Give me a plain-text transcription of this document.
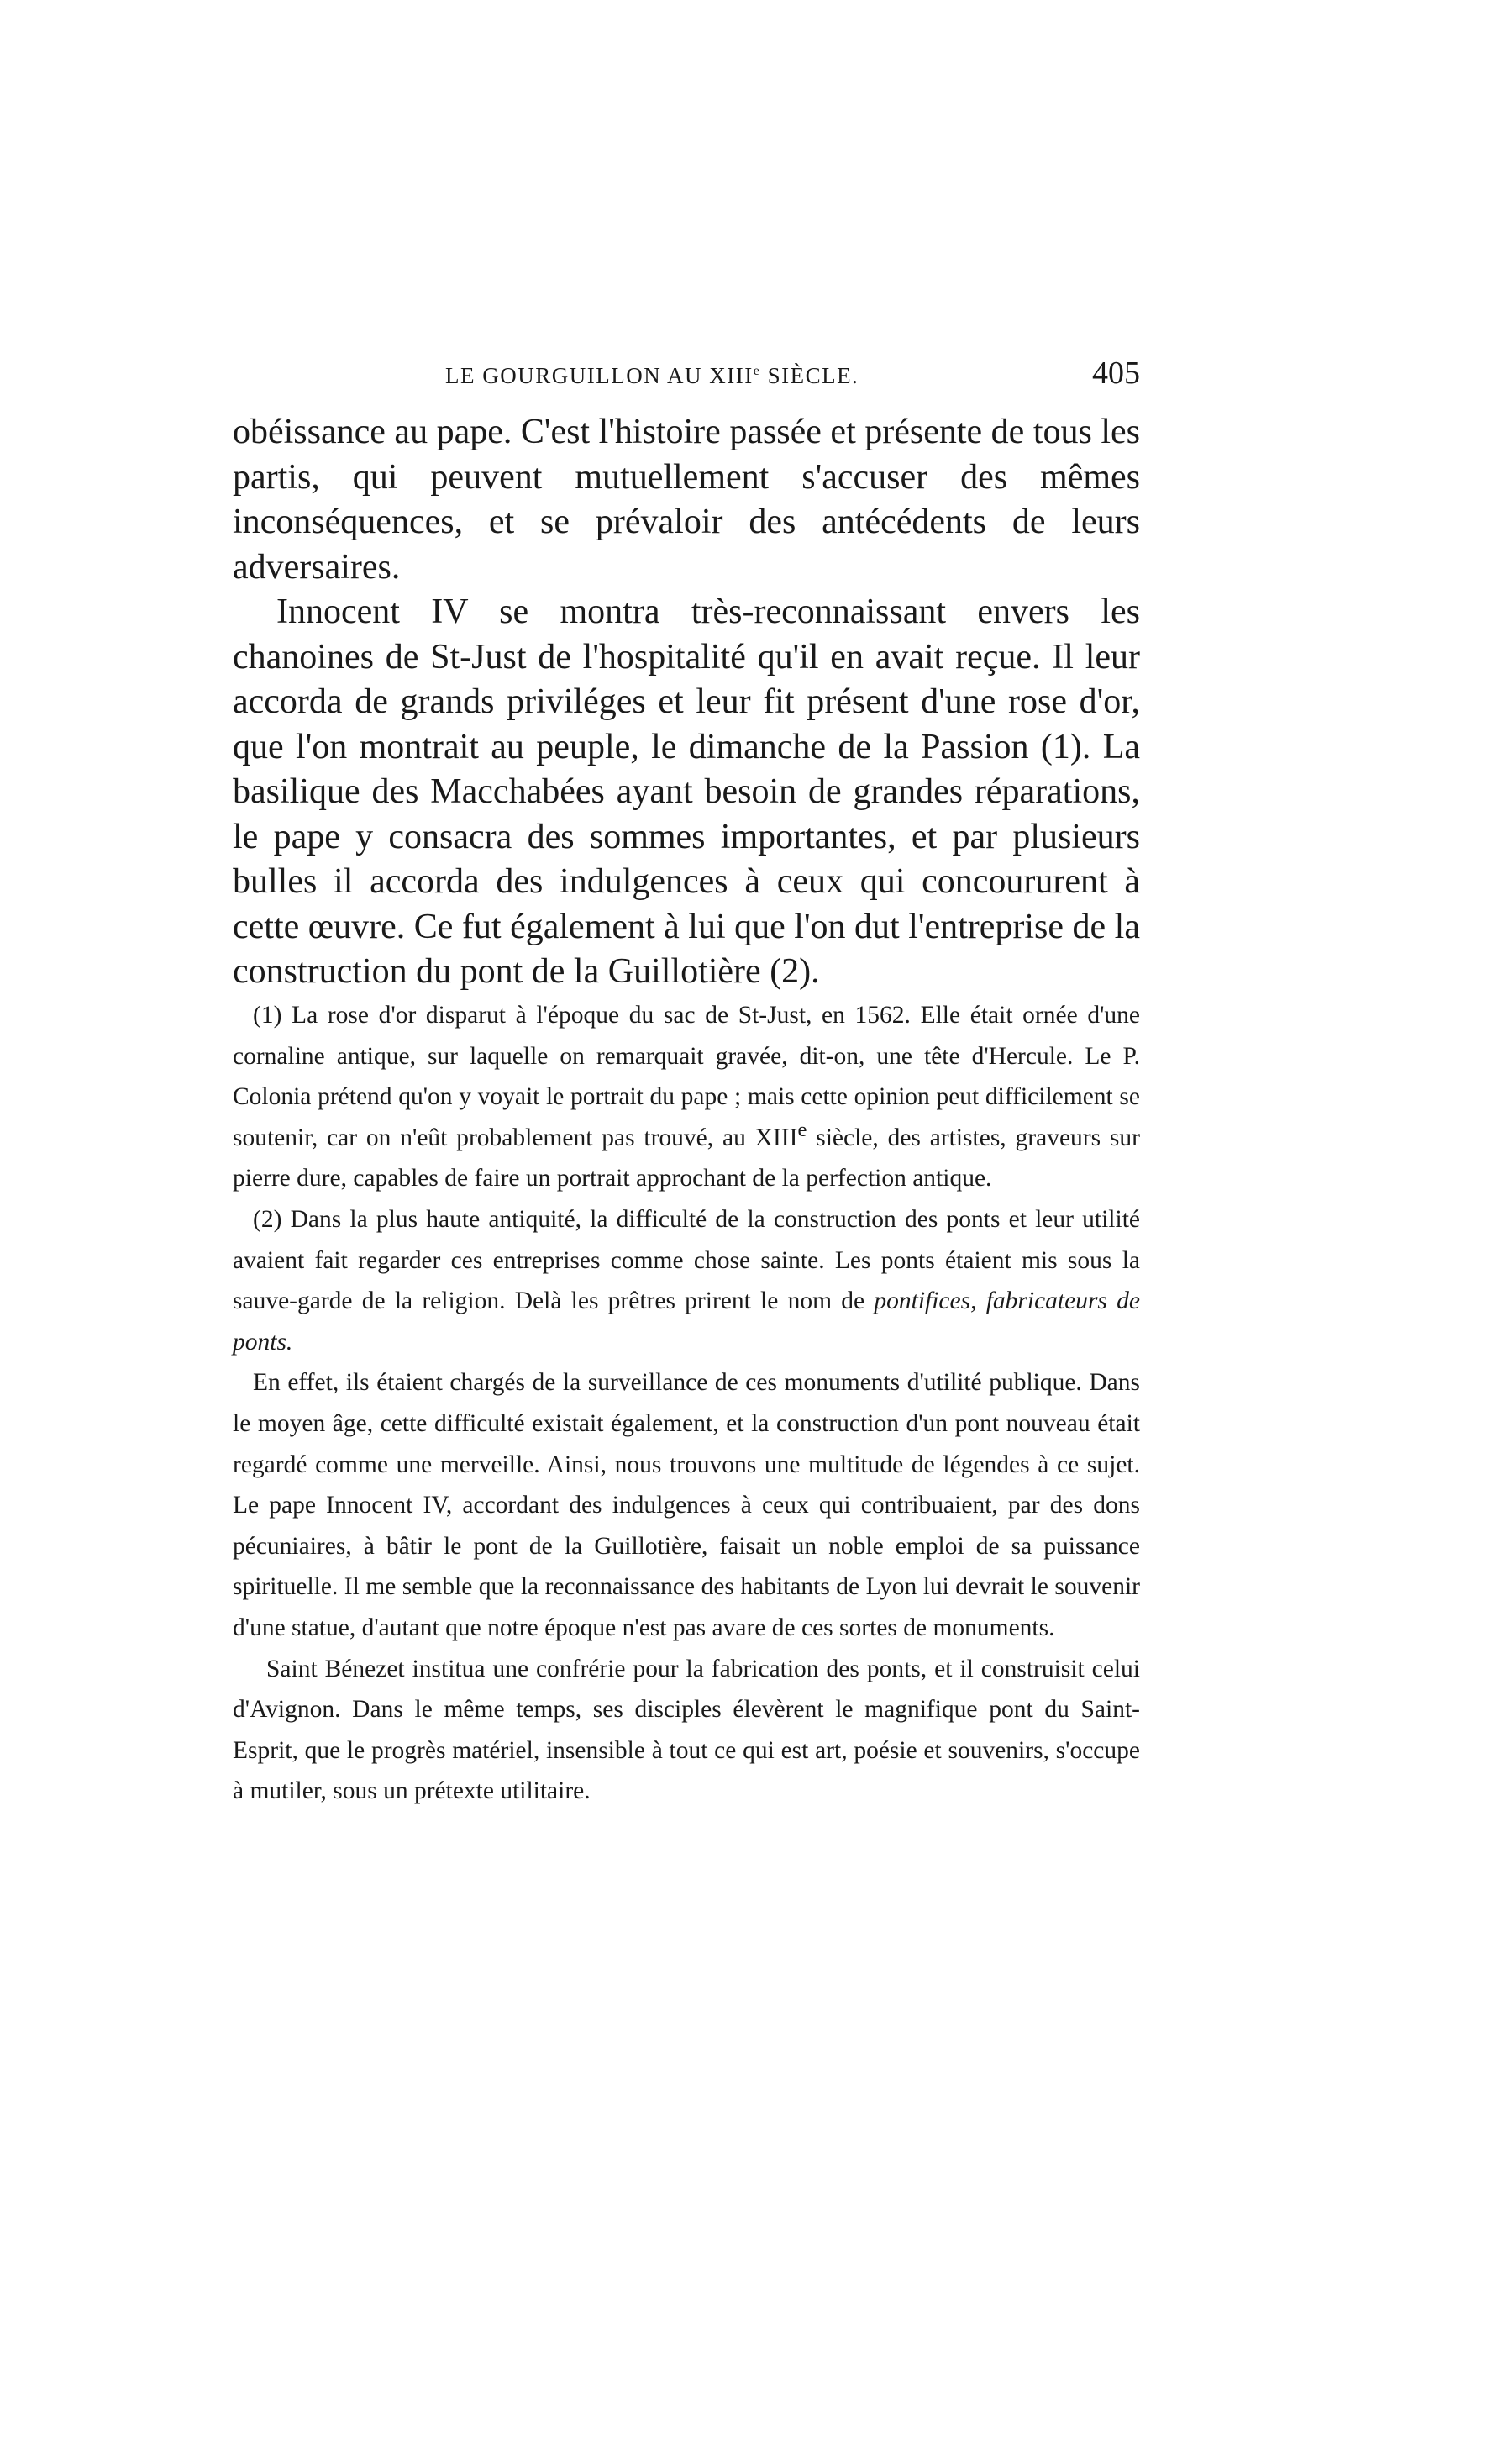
LE GOURGUILLON AU XIIIe SIÈCLE.	405

obéissance au pape. C'est l'histoire passée et présente de tous les partis, qui peuvent mutuellement s'accuser des mêmes inconséquences, et se prévaloir des antécédents de leurs adversaires.

Innocent IV se montra très-reconnaissant envers les chanoines de St-Just de l'hospitalité qu'il en avait reçue. Il leur accorda de grands priviléges et leur fit présent d'une rose d'or, que l'on montrait au peuple, le dimanche de la Passion (1). La basilique des Macchabées ayant besoin de grandes réparations, le pape y consacra des sommes importantes, et par plusieurs bulles il accorda des indulgences à ceux qui concoururent à cette œuvre. Ce fut également à lui que l'on dut l'entreprise de la construction du pont de la Guillotière (2).

(1) La rose d'or disparut à l'époque du sac de St-Just, en 1562. Elle était ornée d'une cornaline antique, sur laquelle on remarquait gravée, dit-on, une tête d'Hercule. Le P. Colonia prétend qu'on y voyait le portrait du pape ; mais cette opinion peut difficilement se soutenir, car on n'eût probablement pas trouvé, au XIIIe siècle, des artistes, graveurs sur pierre dure, capables de faire un portrait approchant de la perfection antique.

(2) Dans la plus haute antiquité, la difficulté de la construction des ponts et leur utilité avaient fait regarder ces entreprises comme chose sainte. Les ponts étaient mis sous la sauve-garde de la religion. Delà les prêtres prirent le nom de pontifices, fabricateurs de ponts.

En effet, ils étaient chargés de la surveillance de ces monuments d'utilité publique. Dans le moyen âge, cette difficulté existait également, et la construction d'un pont nouveau était regardé comme une merveille. Ainsi, nous trouvons une multitude de légendes à ce sujet. Le pape Innocent IV, accordant des indulgences à ceux qui contribuaient, par des dons pécuniaires, à bâtir le pont de la Guillotière, faisait un noble emploi de sa puissance spirituelle. Il me semble que la reconnaissance des habitants de Lyon lui devrait le souvenir d'une statue, d'autant que notre époque n'est pas avare de ces sortes de monuments.

Saint Bénezet institua une confrérie pour la fabrication des ponts, et il construisit celui d'Avignon. Dans le même temps, ses disciples élevèrent le magnifique pont du Saint-Esprit, que le progrès matériel, insensible à tout ce qui est art, poésie et souvenirs, s'occupe à mutiler, sous un prétexte utilitaire.
